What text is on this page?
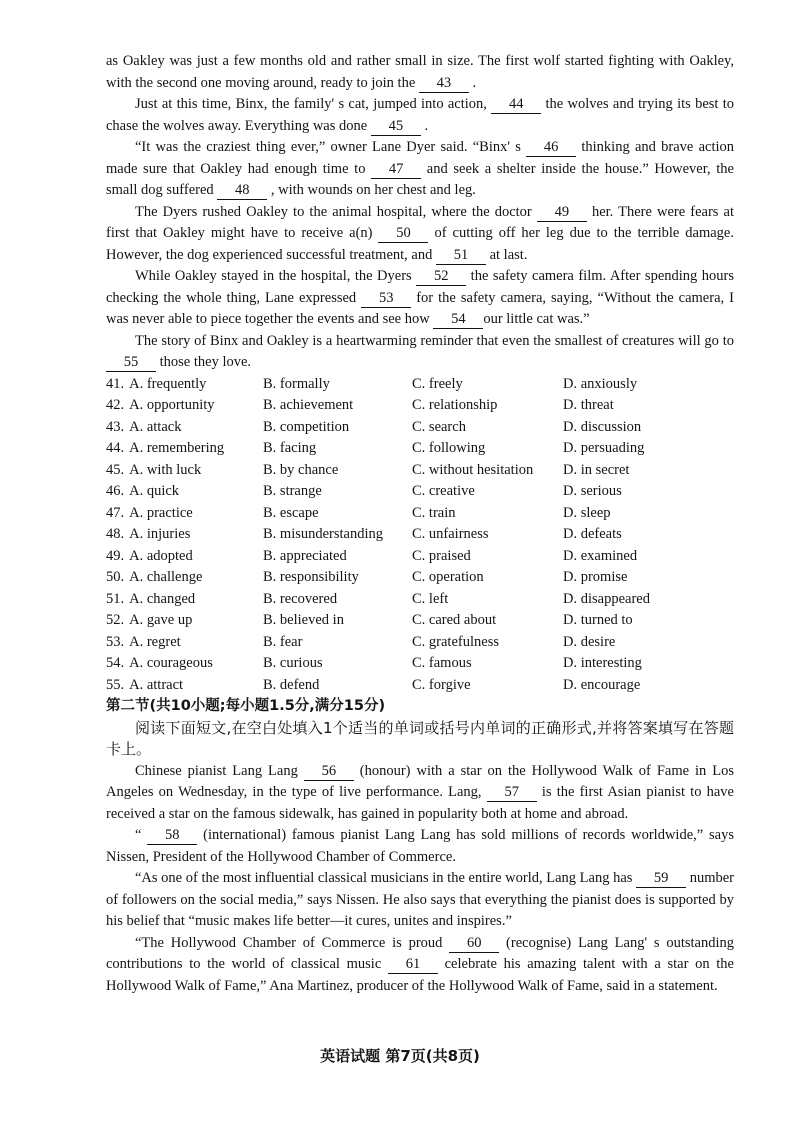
as Oakley was just a few months old and rather small in size. The first wolf started fighting with Oakley, with the second one moving around, ready to join the 43 .

Just at this time, Binx, the family' s cat, jumped into action, 44 the wolves and trying its best to chase the wolves away. Everything was done 45 .

“It was the craziest thing ever,” owner Lane Dyer said. “Binx' s 46 thinking and brave action made sure that Oakley had enough time to 47 and seek a shelter inside the house.” However, the small dog suffered 48 , with wounds on her chest and leg.

The Dyers rushed Oakley to the animal hospital, where the doctor 49 her. There were fears at first that Oakley might have to receive a(n) 50 of cutting off her leg due to the terrible damage. However, the dog experienced successful treatment, and 51 at last.

While Oakley stayed in the hospital, the Dyers 52 the safety camera film. After spending hours checking the whole thing, Lane expressed 53 for the safety camera, saying, “Without the camera, I was never able to piece together the events and see how 54 our little cat was.”

The story of Binx and Oakley is a heartwarming reminder that even the smallest of creatures will go to 55 those they love.

41. A. frequently	B. formally	C. freely	D. anxiously
42. A. opportunity	B. achievement	C. relationship	D. threat
43. A. attack	B. competition	C. search	D. discussion
44. A. remembering	B. facing	C. following	D. persuading
45. A. with luck	B. by chance	C. without hesitation	D. in secret
46. A. quick	B. strange	C. creative	D. serious
47. A. practice	B. escape	C. train	D. sleep
48. A. injuries	B. misunderstanding	C. unfairness	D. defeats
49. A. adopted	B. appreciated	C. praised	D. examined
50. A. challenge	B. responsibility	C. operation	D. promise
51. A. changed	B. recovered	C. left	D. disappeared
52. A. gave up	B. believed in	C. cared about	D. turned to
53. A. regret	B. fear	C. gratefulness	D. desire
54. A. courageous	B. curious	C. famous	D. interesting
55. A. attract	B. defend	C. forgive	D. encourage

第二节(共10小题;每小题1.5分,满分15分)

阅读下面短文,在空白处填入1个适当的单词或括号内单词的正确形式,并将答案填写在答题卡上。

Chinese pianist Lang Lang 56 (honour) with a star on the Hollywood Walk of Fame in Los Angeles on Wednesday, in the type of live performance. Lang, 57 is the first Asian pianist to have received a star on the famous sidewalk, has gained in popularity both at home and abroad.

“ 58 (international) famous pianist Lang Lang has sold millions of records worldwide,” says Nissen, President of the Hollywood Chamber of Commerce.

“As one of the most influential classical musicians in the entire world, Lang Lang has 59 number of followers on the social media,” says Nissen. He also says that everything the pianist does is supported by his belief that “music makes life better—it cures, unites and inspires.”

“The Hollywood Chamber of Commerce is proud 60 (recognise) Lang Lang' s outstanding contributions to the world of classical music 61 celebrate his amazing talent with a star on the Hollywood Walk of Fame,” Ana Martinez, producer of the Hollywood Walk of Fame, said in a statement.

英语试题 第7页(共8页)
